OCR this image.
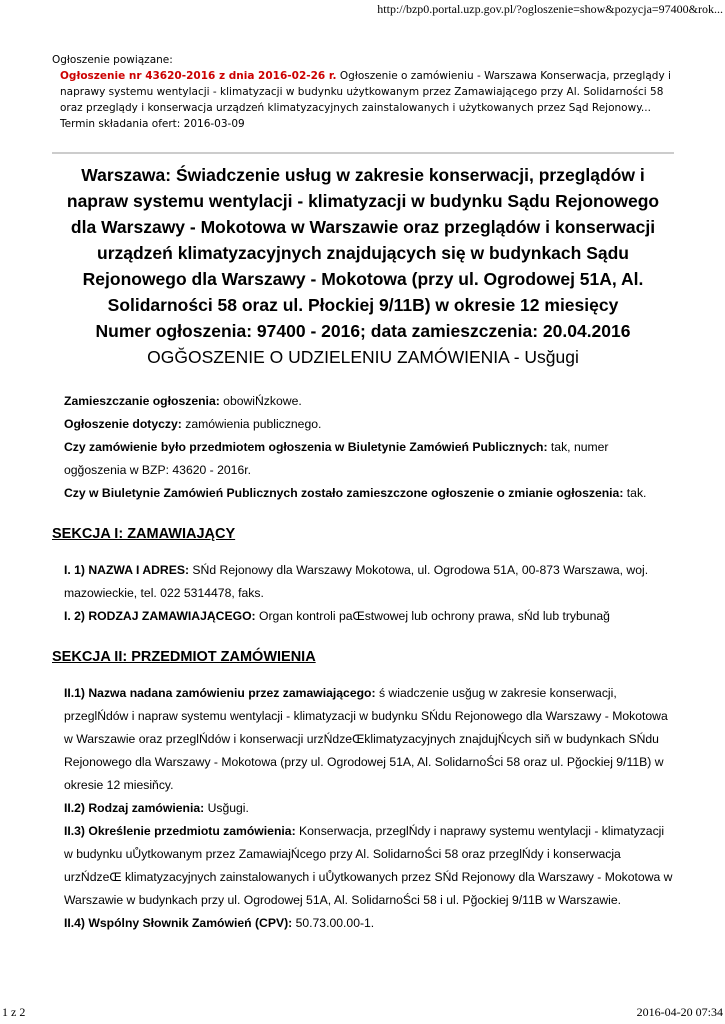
http://bzp0.portal.uzp.gov.pl/?ogloszenie=show&pozycja=97400&rok...
Ogłoszenie powiązane:
Ogłoszenie nr 43620-2016 z dnia 2016-02-26 r. Ogłoszenie o zamówieniu - Warszawa Konserwacja, przeglądy i naprawy systemu wentylacji - klimatyzacji w budynku użytkowanym przez Zamawiającego przy Al. Solidarności 58 oraz przeglądy i konserwacja urządzeń klimatyzacyjnych zainstalowanych i użytkowanych przez Sąd Rejonowy...
Termin składania ofert: 2016-03-09
Warszawa: Świadczenie usług w zakresie konserwacji, przeglądów i napraw systemu wentylacji - klimatyzacji w budynku Sądu Rejonowego dla Warszawy - Mokotowa w Warszawie oraz przeglądów i konserwacji urządzeń klimatyzacyjnych znajdujących się w budynkach Sądu Rejonowego dla Warszawy - Mokotowa (przy ul. Ogrodowej 51A, Al. Solidarności 58 oraz ul. Płockiej 9/11B) w okresie 12 miesięcy
Numer ogłoszenia: 97400 - 2016; data zamieszczenia: 20.04.2016
OGĞOSZENIE O UDZIELENIU ZAMÓWIENIA - Usğugi

Zamieszczanie ogłoszenia: obowiŃzkowe.

Ogłoszenie dotyczy: zamówienia publicznego.

Czy zamówienie było przedmiotem ogłoszenia w Biuletynie Zamówień Publicznych: tak, numer ogğoszenia w BZP: 43620 - 2016r.

Czy w Biuletynie Zamówień Publicznych zostało zamieszczone ogłoszenie o zmianie ogłoszenia: tak.

SEKCJA I: ZAMAWIAJĄCY

I. 1) NAZWA I ADRES: SŃd Rejonowy dla Warszawy Mokotowa, ul. Ogrodowa 51A, 00-873 Warszawa, woj. mazowieckie, tel. 022 5314478, faks.

I. 2) RODZAJ ZAMAWIAJĄCEGO: Organ kontroli paŒstwowej lub ochrony prawa, sŃd lub trybunağ

SEKCJA II: PRZEDMIOT ZAMÓWIENIA

II.1) Nazwa nadana zamówieniu przez zamawiającego: ś wiadczenie usğug w zakresie konserwacji, przeglŃdów i napraw systemu wentylacji - klimatyzacji w budynku SŃdu Rejonowego dla Warszawy - Mokotowa w Warszawie oraz przeglŃdów i konserwacji urzŃdzeŒklimatyzacyjnych znajdujŃcych siň w budynkach SŃdu Rejonowego dla Warszawy - Mokotowa (przy ul. Ogrodowej 51A, Al. SolidarnoŚci 58 oraz ul. Pğockiej 9/11B) w okresie 12 miesiňcy.

II.2) Rodzaj zamówienia: Usğugi.

II.3) Określenie przedmiotu zamówienia: Konserwacja, przeglŃdy i naprawy systemu wentylacji - klimatyzacji w budynku uŮytkowanym przez ZamawiajŃcego przy Al. SolidarnoŚci 58 oraz przeglŃdy i konserwacja urzŃdzeŒ klimatyzacyjnych zainstalowanych i uŮytkowanych przez SŃd Rejonowy dla Warszawy - Mokotowa w Warszawie w budynkach przy ul. Ogrodowej 51A, Al. SolidarnoŚci 58 i ul. Pğockiej 9/11B w Warszawie.

II.4) Wspólny Słownik Zamówień (CPV): 50.73.00.00-1.

1 z 2	2016-04-20 07:34
